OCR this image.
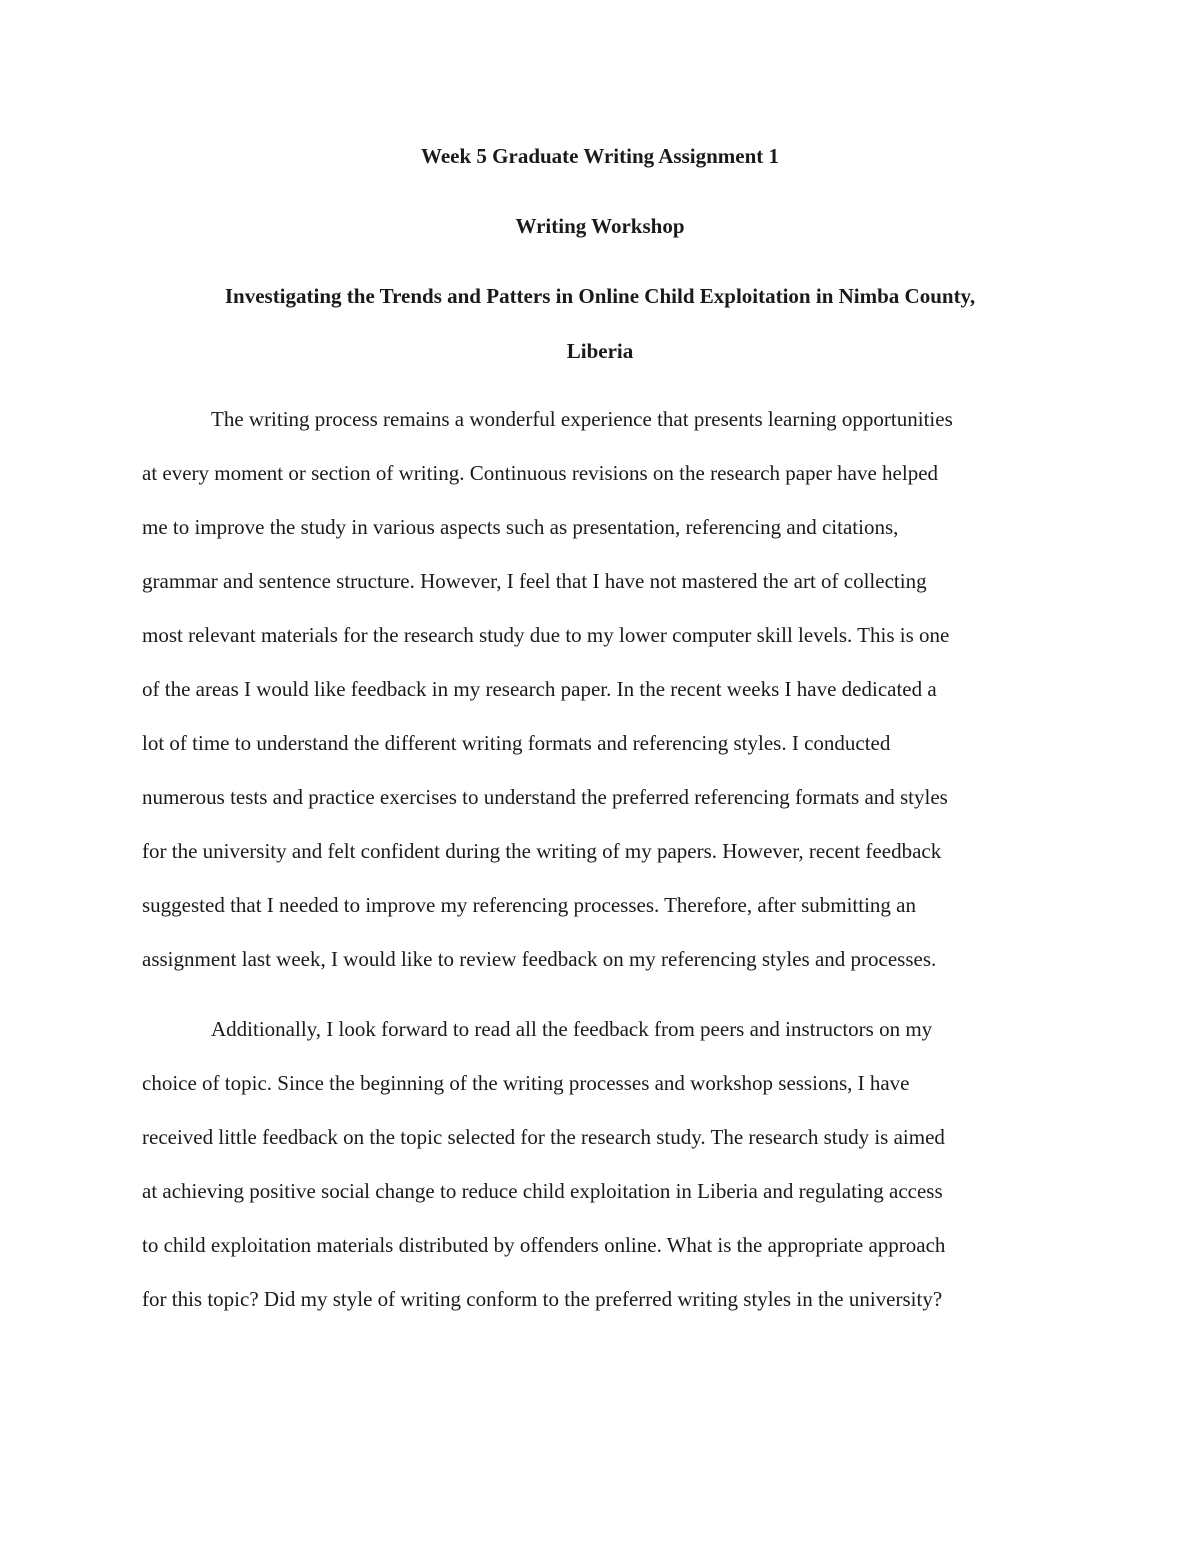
Week 5 Graduate Writing Assignment 1

Writing Workshop

Investigating the Trends and Patters in Online Child Exploitation in Nimba County,

Liberia

The writing process remains a wonderful experience that presents learning opportunities

at every moment or section of writing. Continuous revisions on the research paper have helped

me to improve the study in various aspects such as presentation, referencing and citations,

grammar and sentence structure. However, I feel that I have not mastered the art of collecting

most relevant materials for the research study due to my lower computer skill levels. This is one

of the areas I would like feedback in my research paper. In the recent weeks I have dedicated a

lot of time to understand the different writing formats and referencing styles. I conducted

numerous tests and practice exercises to understand the preferred referencing formats and styles

for the university and felt confident during the writing of my papers. However, recent feedback

suggested that I needed to improve my referencing processes. Therefore, after submitting an

assignment last week, I would like to review feedback on my referencing styles and processes.

Additionally, I look forward to read all the feedback from peers and instructors on my

choice of topic. Since the beginning of the writing processes and workshop sessions, I have

received little feedback on the topic selected for the research study. The research study is aimed

at achieving positive social change to reduce child exploitation in Liberia and regulating access

to child exploitation materials distributed by offenders online. What is the appropriate approach

for this topic? Did my style of writing conform to the preferred writing styles in the university?
